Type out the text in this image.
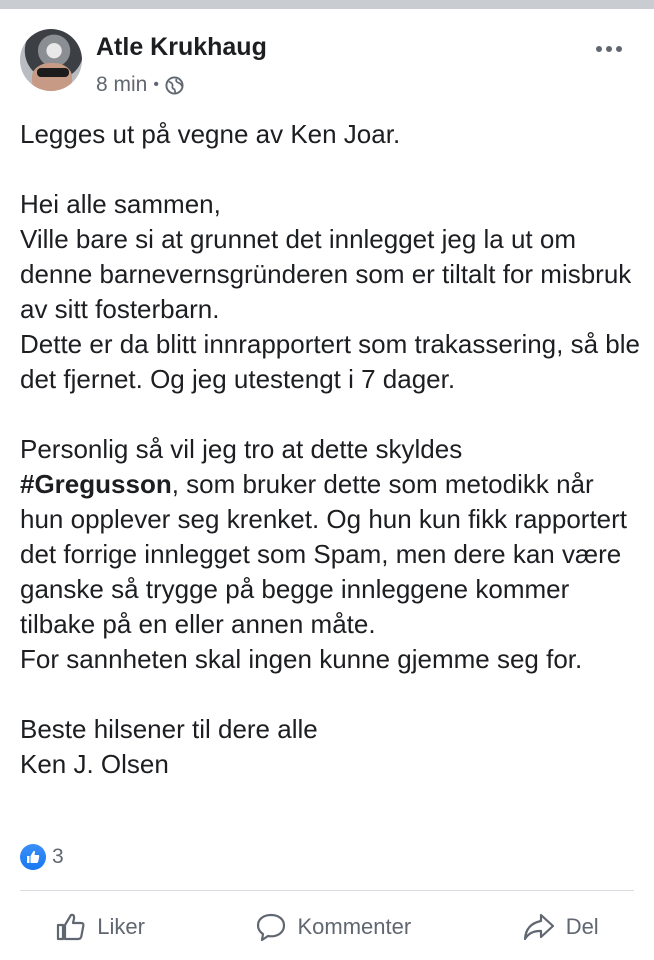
Atle Krukhaug
8 min •

Legges ut på vegne av Ken Joar.

Hei alle sammen,
Ville bare si at grunnet det innlegget jeg la ut om denne barnevernsgründeren som er tiltalt for misbruk av sitt fosterbarn.
Dette er da blitt innrapportert som trakassering, så ble det fjernet. Og jeg utestengt i 7 dager.

Personlig så vil jeg tro at dette skyldes
#Gregusson, som bruker dette som metodikk når hun opplever seg krenket. Og hun kun fikk rapportert det forrige innlegget som Spam, men dere kan være ganske så trygge på begge innleggene kommer tilbake på en eller annen måte.
For sannheten skal ingen kunne gjemme seg for.

Beste hilsener til dere alle
Ken J. Olsen

3
Liker	Kommenter	Del
